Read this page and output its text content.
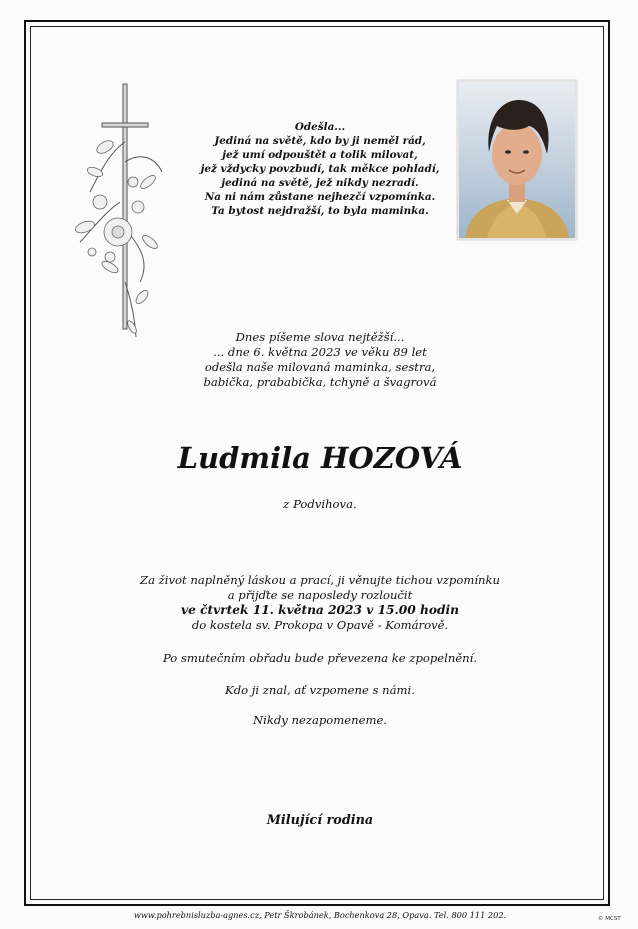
Odešla...
Jediná na světě, kdo by ji neměl rád,
jež umí odpouštět a tolik milovat,
jež vždycky povzbudí, tak měkce pohladí,
jediná na světě, jež nikdy nezradí.
Na ni nám zůstane nejhezčí vzpomínka.
Ta bytost nejdražší, to byla maminka.
Dnes píšeme slova nejtěžší...
... dne 6. května 2023 ve věku 89 let
odešla naše milovaná maminka, sestra,
babička, prababička, tchyně a švagrová
Ludmila HOZOVÁ
z Podvihova.
Za život naplněný láskou a prací, ji věnujte tichou vzpomínku
a přijďte se naposledy rozloučit
ve čtvrtek 11. května 2023 v 15.00 hodin
do kostela sv. Prokopa v Opavě - Komárově.
Po smutečním obřadu bude převezena ke zpopelnění.
Kdo ji znal, ať vzpomene s námi.
Nikdy nezapomeneme.
Milující rodina
www.pohrebnisluzba-agnes.cz, Petr Škrobánek, Bochenkova 28, Opava. Tel. 800 111 202.	© MCST
